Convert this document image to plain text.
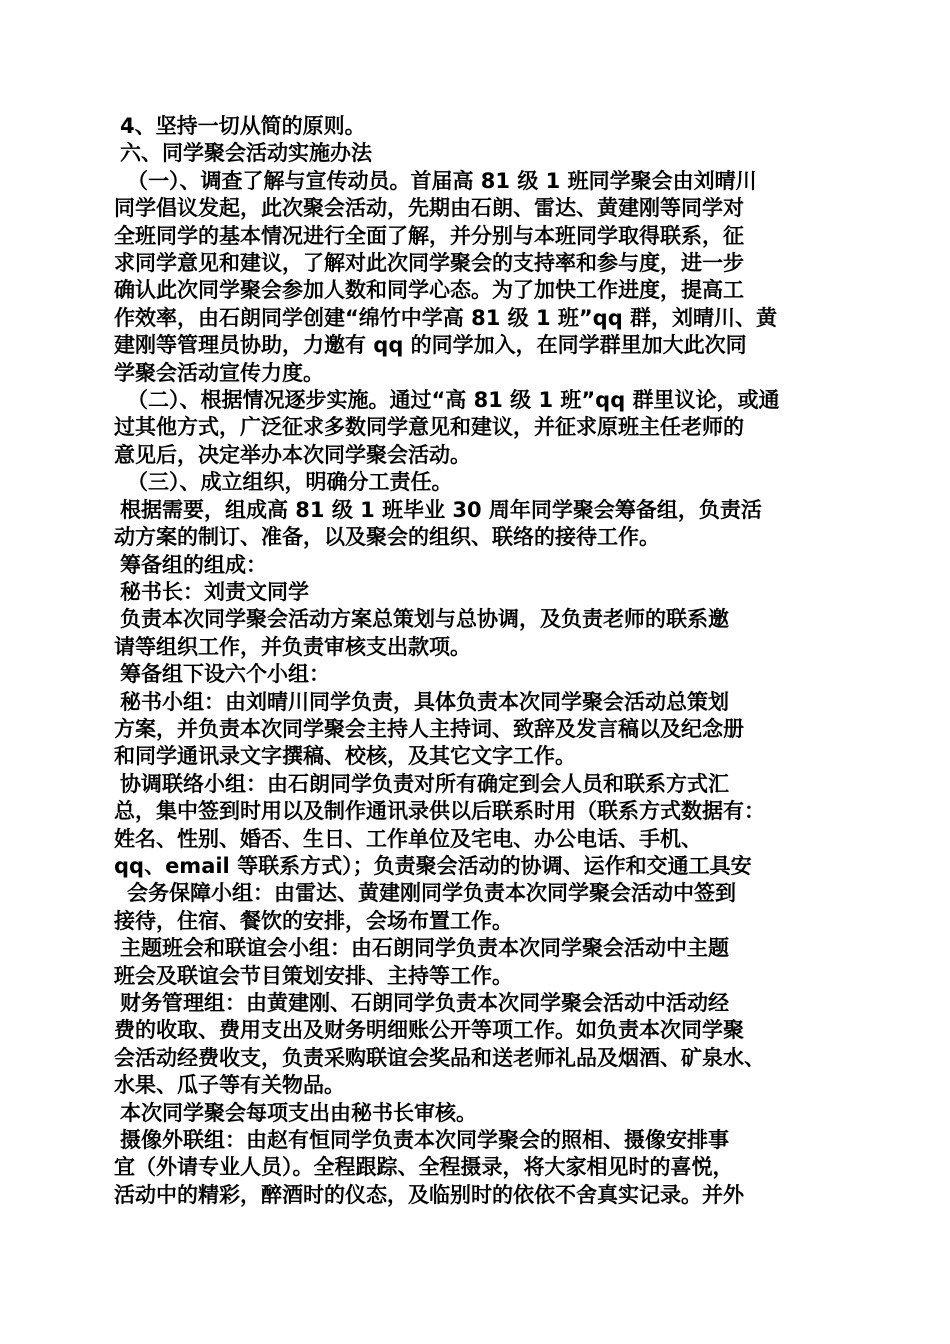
4、坚持一切从简的原则。

六、同学聚会活动实施办法

（一）、调查了解与宣传动员。首届高 81 级 1 班同学聚会由刘晴川

同学倡议发起，此次聚会活动，先期由石朗、雷达、黄建刚等同学对

全班同学的基本情况进行全面了解，并分别与本班同学取得联系，征

求同学意见和建议，了解对此次同学聚会的支持率和参与度，进一步

确认此次同学聚会参加人数和同学心态。为了加快工作进度，提高工

作效率，由石朗同学创建“绵竹中学高 81 级 1 班”qq 群，刘晴川、黄

建刚等管理员协助，力邀有 qq 的同学加入，在同学群里加大此次同

学聚会活动宣传力度。

（二）、根据情况逐步实施。通过“高 81 级 1 班”qq 群里议论，或通

过其他方式，广泛征求多数同学意见和建议，并征求原班主任老师的

意见后，决定举办本次同学聚会活动。

（三）、成立组织，明确分工责任。

根据需要，组成高 81 级 1 班毕业 30 周年同学聚会筹备组，负责活

动方案的制订、准备，以及聚会的组织、联络的接待工作。

筹备组的组成：

秘书长：刘责文同学

负责本次同学聚会活动方案总策划与总协调，及负责老师的联系邀

请等组织工作，并负责审核支出款项。

筹备组下设六个小组：

秘书小组：由刘晴川同学负责，具体负责本次同学聚会活动总策划

方案，并负责本次同学聚会主持人主持词、致辞及发言稿以及纪念册

和同学通讯录文字撰稿、校核，及其它文字工作。

协调联络小组：由石朗同学负责对所有确定到会人员和联系方式汇

总，集中签到时用以及制作通讯录供以后联系时用（联系方式数据有：

姓名、性别、婚否、生日、工作单位及宅电、办公电话、手机、

qq、email 等联系方式）；负责聚会活动的协调、运作和交通工具安

会务保障小组：由雷达、黄建刚同学负责本次同学聚会活动中签到

接待，住宿、餐饮的安排，会场布置工作。

主题班会和联谊会小组：由石朗同学负责本次同学聚会活动中主题

班会及联谊会节目策划安排、主持等工作。

财务管理组：由黄建刚、石朗同学负责本次同学聚会活动中活动经

费的收取、费用支出及财务明细账公开等项工作。如负责本次同学聚

会活动经费收支，负责采购联谊会奖品和送老师礼品及烟酒、矿泉水、

水果、瓜子等有关物品。

本次同学聚会每项支出由秘书长审核。

摄像外联组：由赵有恒同学负责本次同学聚会的照相、摄像安排事

宜（外请专业人员）。全程跟踪、全程摄录，将大家相见时的喜悦，

活动中的精彩，醉酒时的仪态，及临别时的依依不舍真实记录。并外
